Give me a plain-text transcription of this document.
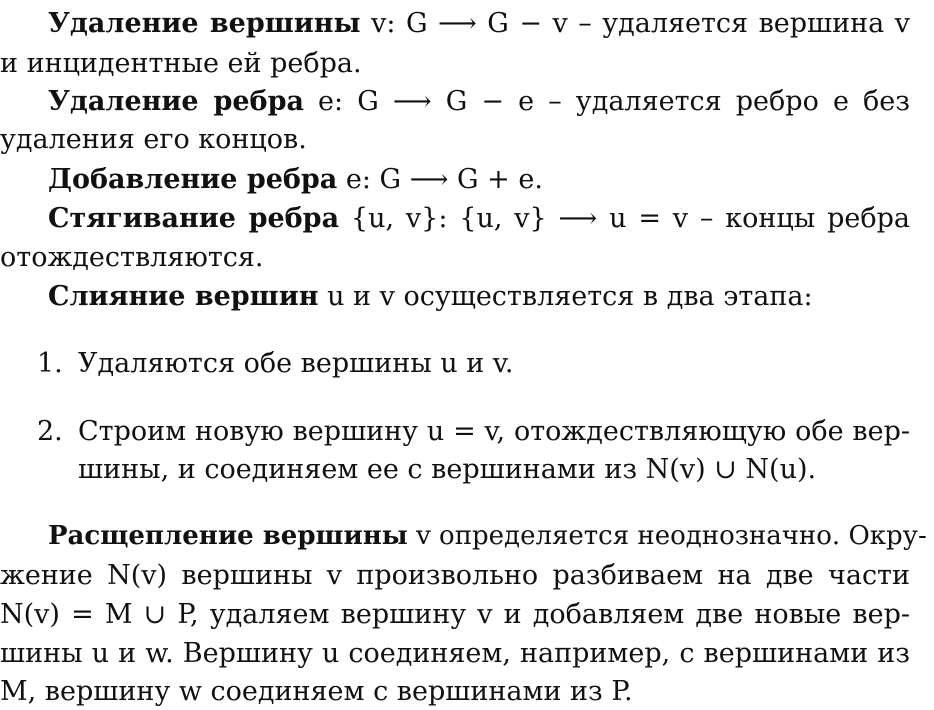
Удаление вершины v: G ⟶ G − v – удаляется вершина v
и инцидентные ей ребра.
Удаление ребра e: G ⟶ G − e – удаляется ребро e без
удаления его концов.
Добавление ребра e: G ⟶ G + e.
Стягивание ребра {u, v}: {u, v} ⟶ u = v – концы ребра
отождествляются.
Слияние вершин u и v осуществляется в два этапа:
1. Удаляются обе вершины u и v.
2. Строим новую вершину u = v, отождествляющую обе вер-
шины, и соединяем ее с вершинами из N(v) ∪ N(u).
Расщепление вершины v определяется неоднозначно. Окру-
жение N(v) вершины v произвольно разбиваем на две части
N(v) = M ∪ P, удаляем вершину v и добавляем две новые вер-
шины u и w. Вершину u соединяем, например, с вершинами из
M, вершину w соединяем с вершинами из P.
